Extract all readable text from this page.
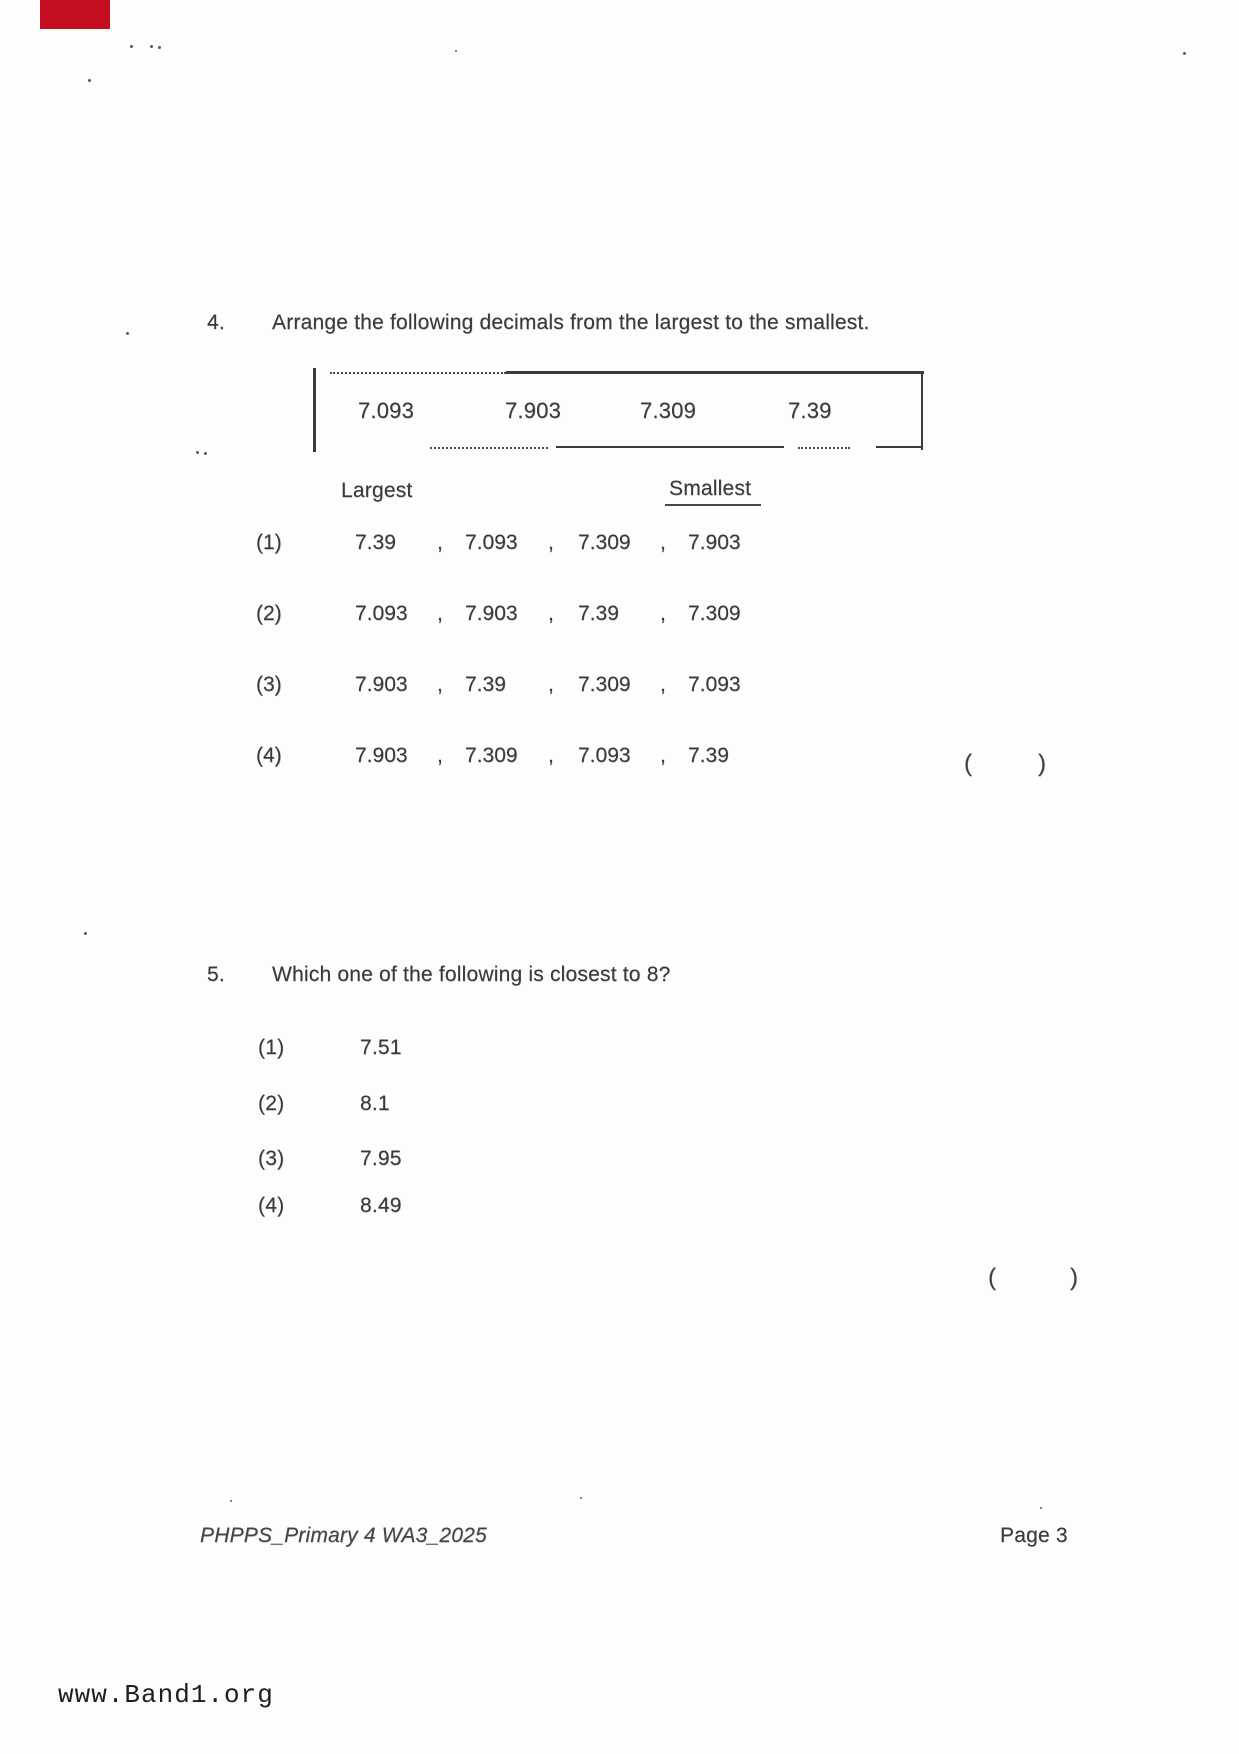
4. Arrange the following decimals from the largest to the smallest.
7.093	7.903	7.309	7.39
Largest	Smallest
(1)	7.39 , 7.093 , 7.309 , 7.903
(2)	7.093 , 7.903 , 7.39 , 7.309
(3)	7.903 , 7.39 , 7.309 , 7.093
(4)	7.903 , 7.309 , 7.093 , 7.39	(	)
5. Which one of the following is closest to 8?
(1)	7.51
(2)	8.1
(3)	7.95
(4)	8.49
(	)
PHPPS_Primary 4 WA3_2025	Page 3
www.Band1.org
